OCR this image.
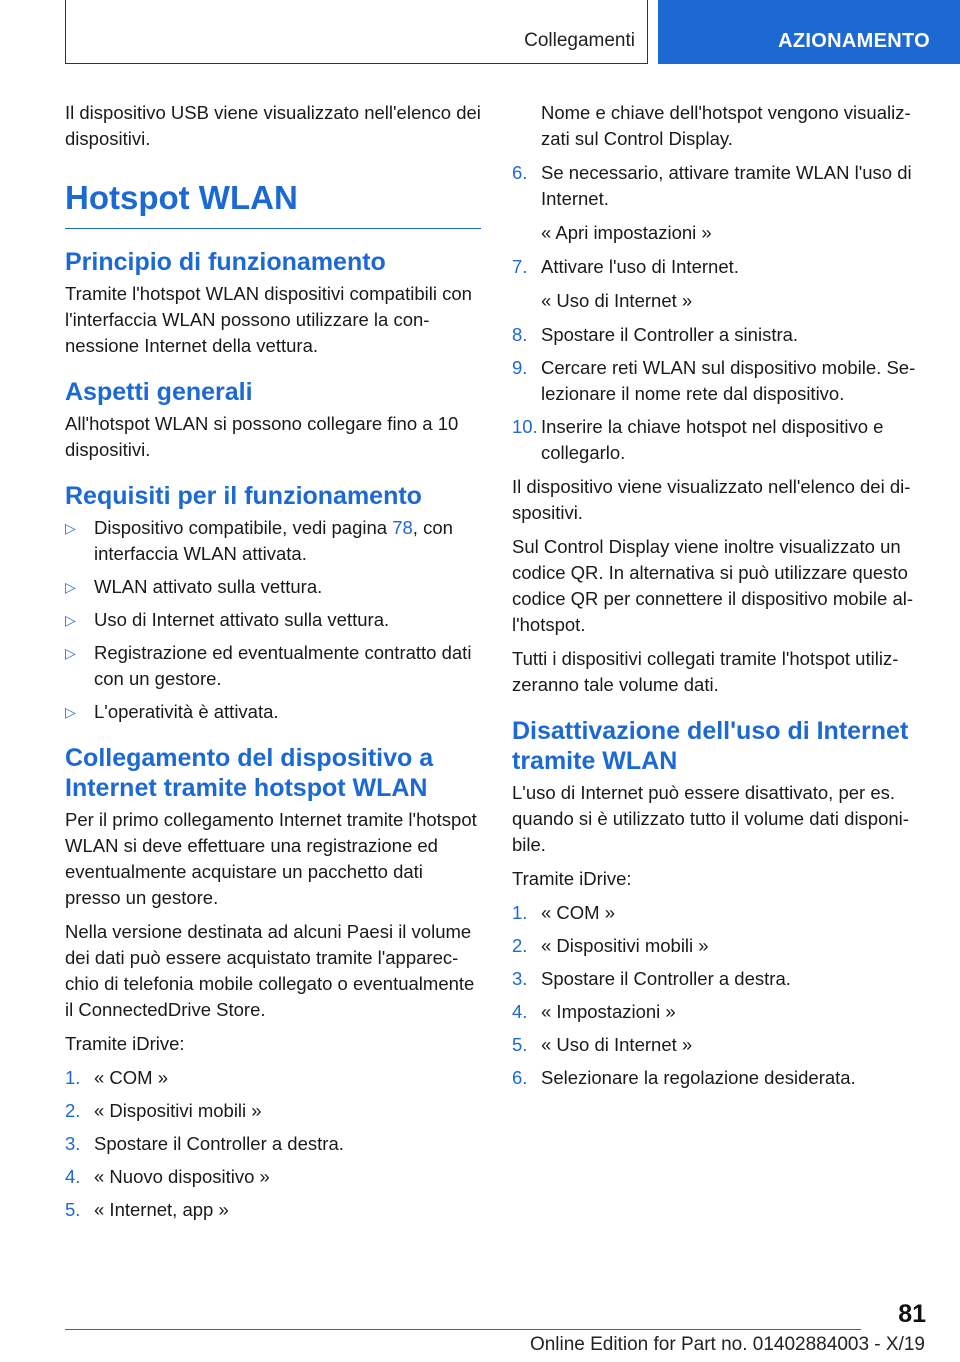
Collegamenti	AZIONAMENTO

Il dispositivo USB viene visualizzato nell'elenco dei dispositivi.

Hotspot WLAN
Principio di funzionamento

Tramite l'hotspot WLAN dispositivi compatibili con l'interfaccia WLAN possono utilizzare la connessione Internet della vettura.

Aspetti generali

All'hotspot WLAN si possono collegare fino a 10 dispositivi.

Requisiti per il funzionamento
▷ Dispositivo compatibile, vedi pagina 78, con interfaccia WLAN attivata.
▷ WLAN attivato sulla vettura.
▷ Uso di Internet attivato sulla vettura.
▷ Registrazione ed eventualmente contratto dati con un gestore.
▷ L'operatività è attivata.
Collegamento del dispositivo a Internet tramite hotspot WLAN

Per il primo collegamento Internet tramite l'hotspot WLAN si deve effettuare una registrazione ed eventualmente acquistare un pacchetto dati presso un gestore.

Nella versione destinata ad alcuni Paesi il volume dei dati può essere acquistato tramite l'apparecchio di telefonia mobile collegato o eventualmente il ConnectedDrive Store.

Tramite iDrive:

1. « COM »
2. « Dispositivi mobili »
3. Spostare il Controller a destra.
4. « Nuovo dispositivo »
5. « Internet, app »

Nome e chiave dell'hotspot vengono visualizzati sul Control Display.

6. Se necessario, attivare tramite WLAN l'uso di Internet.

« Apri impostazioni »

7. Attivare l'uso di Internet.

« Uso di Internet »

8. Spostare il Controller a sinistra.
9. Cercare reti WLAN sul dispositivo mobile. Selezionare il nome rete dal dispositivo.
10. Inserire la chiave hotspot nel dispositivo e collegarlo.

Il dispositivo viene visualizzato nell'elenco dei dispositivi.

Sul Control Display viene inoltre visualizzato un codice QR. In alternativa si può utilizzare questo codice QR per connettere il dispositivo mobile all'hotspot.

Tutti i dispositivi collegati tramite l'hotspot utilizzeranno tale volume dati.

Disattivazione dell'uso di Internet tramite WLAN

L'uso di Internet può essere disattivato, per es. quando si è utilizzato tutto il volume dati disponibile.

Tramite iDrive:

1. « COM »
2. « Dispositivi mobili »
3. Spostare il Controller a destra.
4. « Impostazioni »
5. « Uso di Internet »
6. Selezionare la regolazione desiderata.
81
Online Edition for Part no. 01402884003 - X/19
